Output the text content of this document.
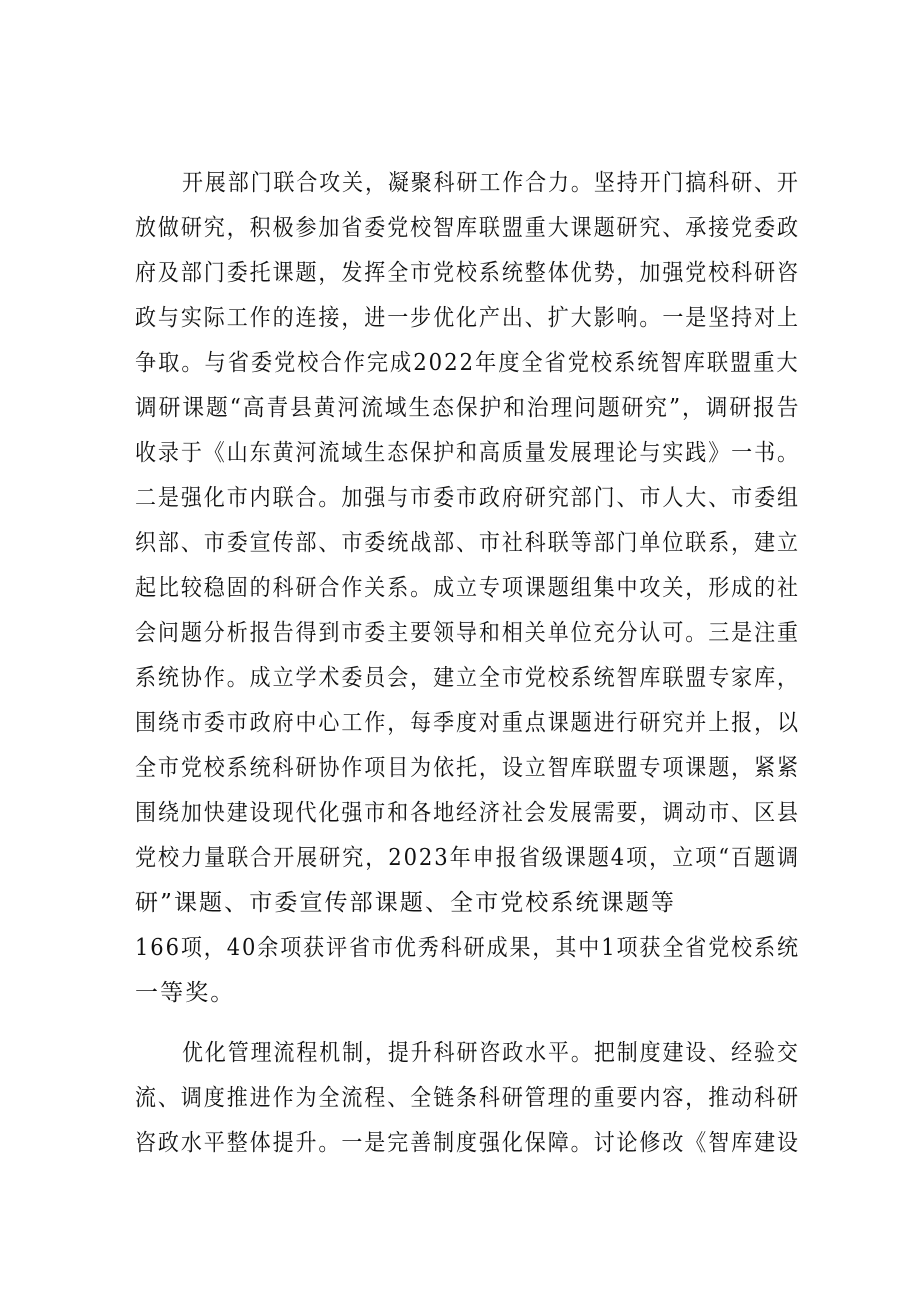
开展部门联合攻关，凝聚科研工作合力。坚持开门搞科研、开
放做研究，积极参加省委党校智库联盟重大课题研究、承接党委政
府及部门委托课题，发挥全市党校系统整体优势，加强党校科研咨
政与实际工作的连接，进一步优化产出、扩大影响。一是坚持对上
争取。与省委党校合作完成2022年度全省党校系统智库联盟重大
调研课题“高青县黄河流域生态保护和治理问题研究”，调研报告
收录于《山东黄河流域生态保护和高质量发展理论与实践》一书。
二是强化市内联合。加强与市委市政府研究部门、市人大、市委组
织部、市委宣传部、市委统战部、市社科联等部门单位联系，建立
起比较稳固的科研合作关系。成立专项课题组集中攻关，形成的社
会问题分析报告得到市委主要领导和相关单位充分认可。三是注重
系统协作。成立学术委员会，建立全市党校系统智库联盟专家库，
围绕市委市政府中心工作，每季度对重点课题进行研究并上报，以
全市党校系统科研协作项目为依托，设立智库联盟专项课题，紧紧
围绕加快建设现代化强市和各地经济社会发展需要，调动市、区县
党校力量联合开展研究，2023年申报省级课题4项，立项“百题调
研”课题、市委宣传部课题、全市党校系统课题等
166项，40余项获评省市优秀科研成果，其中1项获全省党校系统
一等奖。
优化管理流程机制，提升科研咨政水平。把制度建设、经验交
流、调度推进作为全流程、全链条科研管理的重要内容，推动科研
咨政水平整体提升。一是完善制度强化保障。讨论修改《智库建设
